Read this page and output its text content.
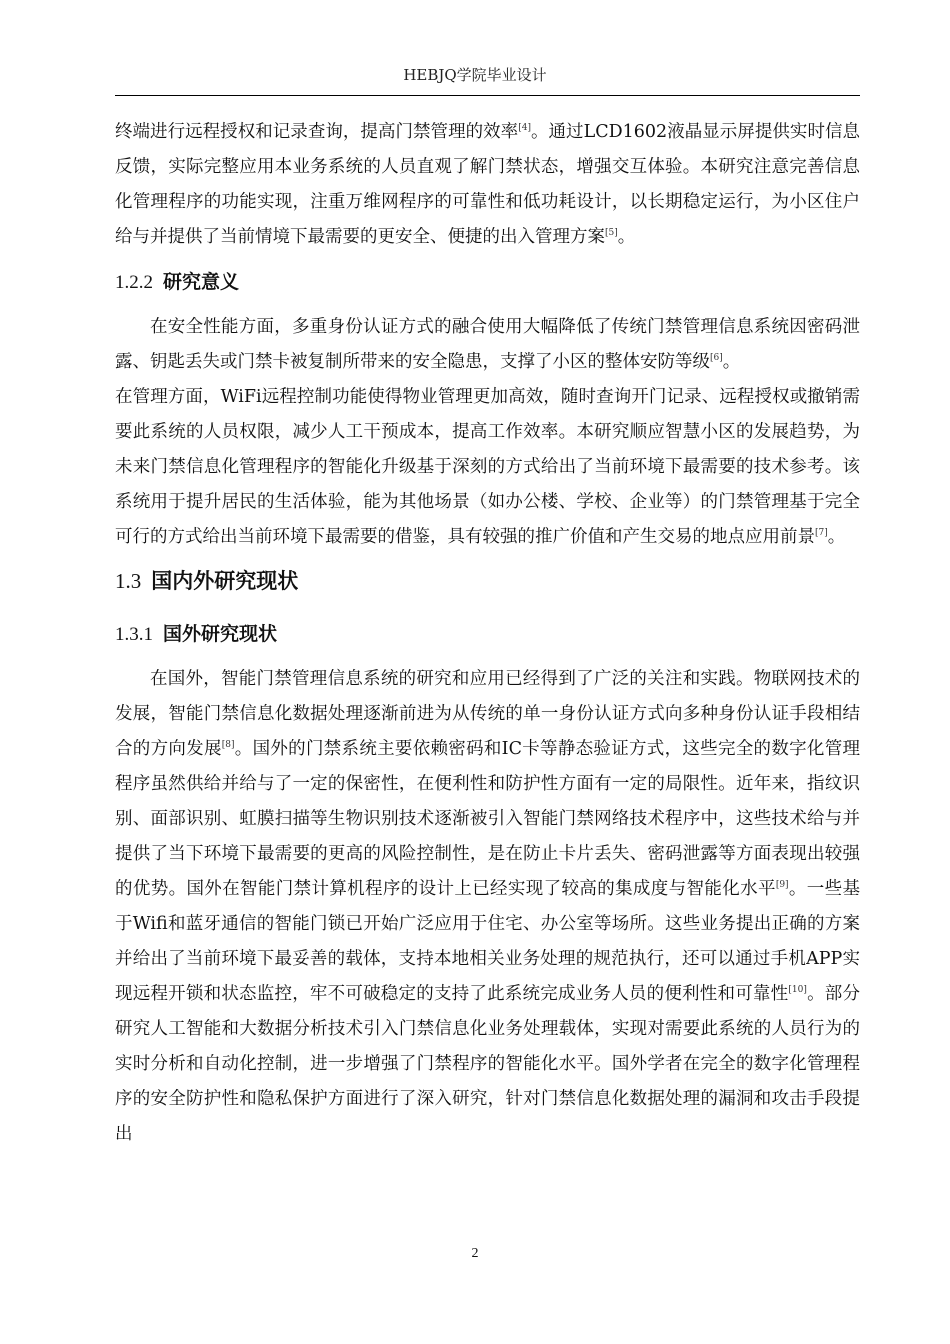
HEBJQ学院毕业设计

终端进行远程授权和记录查询，提高门禁管理的效率[4]。通过LCD1602液晶显示屏提供实时信息反馈，实际完整应用本业务系统的人员直观了解门禁状态，增强交互体验。本研究注意完善信息化管理程序的功能实现，注重万维网程序的可靠性和低功耗设计，以长期稳定运行，为小区住户给与并提供了当前情境下最需要的更安全、便捷的出入管理方案[5]。

1.2.2 研究意义

在安全性能方面，多重身份认证方式的融合使用大幅降低了传统门禁管理信息系统因密码泄露、钥匙丢失或门禁卡被复制所带来的安全隐患，支撑了小区的整体安防等级[6]。

在管理方面，WiFi远程控制功能使得物业管理更加高效，随时查询开门记录、远程授权或撤销需要此系统的人员权限，减少人工干预成本，提高工作效率。本研究顺应智慧小区的发展趋势，为未来门禁信息化管理程序的智能化升级基于深刻的方式给出了当前环境下最需要的技术参考。该系统用于提升居民的生活体验，能为其他场景（如办公楼、学校、企业等）的门禁管理基于完全可行的方式给出当前环境下最需要的借鉴，具有较强的推广价值和产生交易的地点应用前景[7]。

1.3 国内外研究现状
1.3.1 国外研究现状

在国外，智能门禁管理信息系统的研究和应用已经得到了广泛的关注和实践。物联网技术的发展，智能门禁信息化数据处理逐渐前进为从传统的单一身份认证方式向多种身份认证手段相结合的方向发展[8]。国外的门禁系统主要依赖密码和IC卡等静态验证方式，这些完全的数字化管理程序虽然供给并给与了一定的保密性，在便利性和防护性方面有一定的局限性。近年来，指纹识别、面部识别、虹膜扫描等生物识别技术逐渐被引入智能门禁网络技术程序中，这些技术给与并提供了当下环境下最需要的更高的风险控制性，是在防止卡片丢失、密码泄露等方面表现出较强的优势。国外在智能门禁计算机程序的设计上已经实现了较高的集成度与智能化水平[9]。一些基于Wifi和蓝牙通信的智能门锁已开始广泛应用于住宅、办公室等场所。这些业务提出正确的方案并给出了当前环境下最妥善的载体，支持本地相关业务处理的规范执行，还可以通过手机APP实现远程开锁和状态监控，牢不可破稳定的支持了此系统完成业务人员的便利性和可靠性[10]。部分研究人工智能和大数据分析技术引入门禁信息化业务处理载体，实现对需要此系统的人员行为的实时分析和自动化控制，进一步增强了门禁程序的智能化水平。国外学者在完全的数字化管理程序的安全防护性和隐私保护方面进行了深入研究，针对门禁信息化数据处理的漏洞和攻击手段提出

2
